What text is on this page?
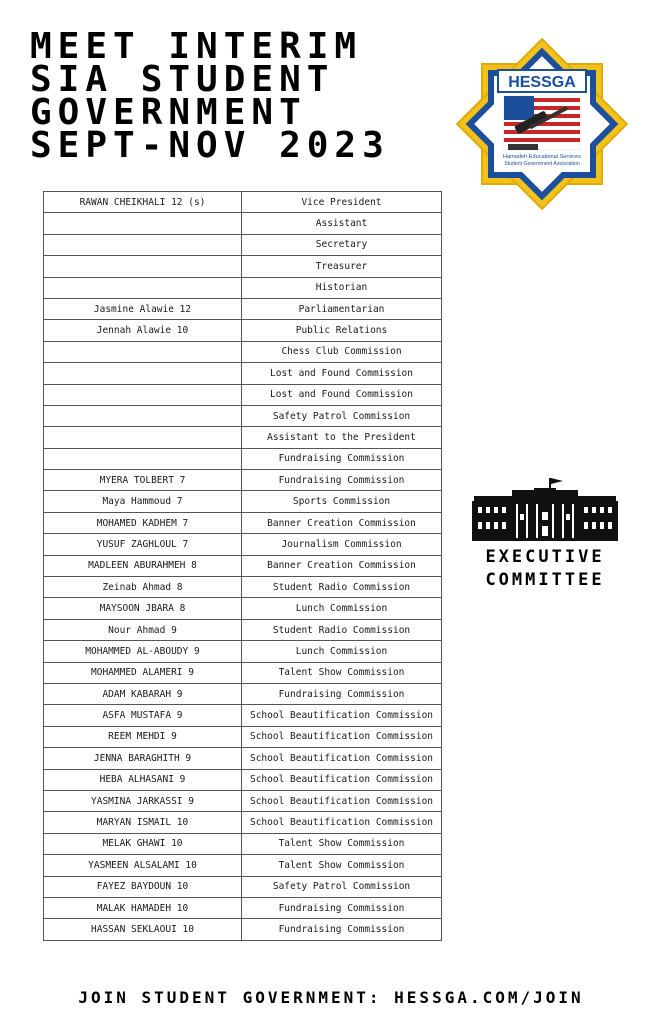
MEET INTERIM
SIA STUDENT
GOVERNMENT
SEPT-NOV 2023
HESSGA
Hamadeh Educational Services
Student Government Association
RAWAN CHEIKHALI 12 (s)	Vice President
	Assistant
	Secretary
	Treasurer
	Historian
Jasmine Alawie 12	Parliamentarian
Jennah Alawie 10	Public Relations
	Chess Club Commission
	Lost and Found Commission
	Lost and Found Commission
	Safety Patrol Commission
	Assistant to the President
	Fundraising Commission
MYERA TOLBERT 7	Fundraising Commission
Maya Hammoud 7	Sports Commission
MOHAMED KADHEM 7	Banner Creation Commission
YUSUF ZAGHLOUL 7	Journalism Commission
MADLEEN ABURAHMEH 8	Banner Creation Commission
Zeinab Ahmad 8	Student Radio Commission
MAYSOON JBARA 8	Lunch Commission
Nour Ahmad 9	Student Radio Commission
MOHAMMED AL-ABOUDY 9	Lunch Commission
MOHAMMED ALAMERI 9	Talent Show Commission
ADAM KABARAH 9	Fundraising Commission
ASFA MUSTAFA 9	School Beautification Commission
REEM MEHDI 9	School Beautification Commission
JENNA BARAGHITH 9	School Beautification Commission
HEBA ALHASANI 9	School Beautification Commission
YASMINA JARKASSI 9	School Beautification Commission
MARYAN ISMAIL 10	School Beautification Commission
MELAK GHAWI 10	Talent Show Commission
YASMEEN ALSALAMI 10	Talent Show Commission
FAYEZ BAYDOUN 10	Safety Patrol Commission
MALAK HAMADEH 10	Fundraising Commission
HASSAN SEKLAOUI 10	Fundraising Commission
EXECUTIVE
COMMITTEE
JOIN STUDENT GOVERNMENT: HESSGA.COM/JOIN
